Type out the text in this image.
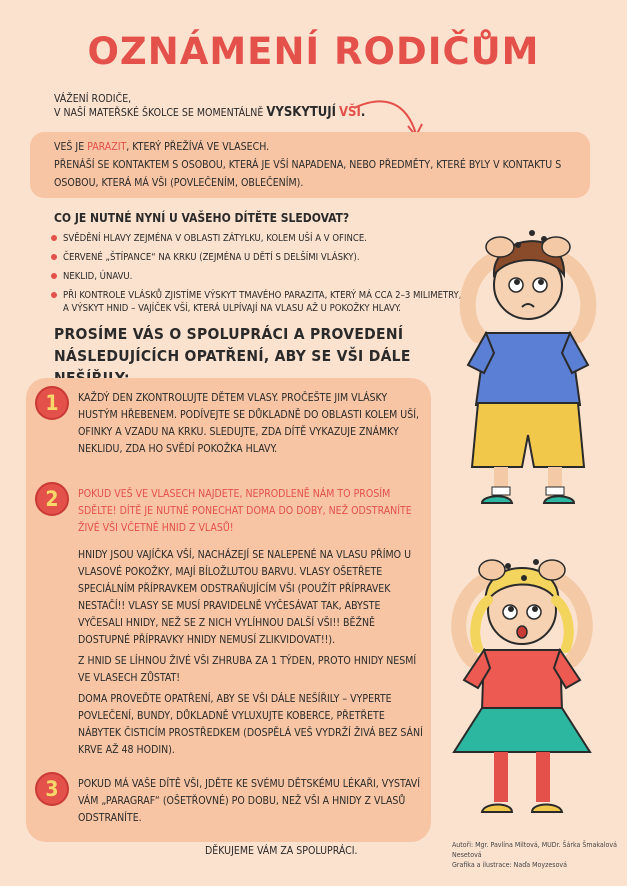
OZNÁMENÍ RODIČŮM
VÁŽENÍ RODIČE,
V NAŠÍ MATEŘSKÉ ŠKOLCE SE MOMENTÁLNĚ VYSKYTUJÍ VŠI.
VEŠ JE PARAZIT, KTERÝ PŘEŽÍVÁ VE VLASECH.
PŘENÁŠÍ SE KONTAKTEM S OSOBOU, KTERÁ JE VŠÍ NAPADENA, NEBO PŘEDMĚTY, KTERÉ BYLY V KONTAKTU S OSOBOU, KTERÁ MÁ VŠI (POVLEČENÍM, OBLEČENÍM).
CO JE NUTNÉ NYNÍ U VAŠEHO DÍTĚTE SLEDOVAT?
SVĚDĚNÍ HLAVY ZEJMÉNA V OBLASTI ZÁTYLKU, KOLEM UŠÍ A V OFINCE.
ČERVENÉ „ŠTÍPANCE“ NA KRKU (ZEJMÉNA U DĚTÍ S DELŠÍMI VLÁSKY).
NEKLID, ÚNAVU.
PŘI KONTROLE VLÁSKŮ ZJISTÍME VÝSKYT TMAVÉHO PARAZITA, KTERÝ MÁ CCA 2–3 MILIMETRY, A VÝSKYT HNID – VAJÍČEK VŠÍ, KTERÁ ULPÍVAJÍ NA VLASU AŽ U POKOŽKY HLAVY.
PROSÍME VÁS O SPOLUPRÁCI A PROVEDENÍ NÁSLEDUJÍCÍCH OPATŘENÍ, ABY SE VŠI DÁLE
1
2
3
KAŽDÝ DEN ZKONTROLUJTE DĚTEM VLASY. PROČEŠTE JIM VLÁSKY HUSTÝM HŘEBENEM. PODÍVEJTE SE DŮKLADNĚ DO OBLASTI KOLEM UŠÍ, OFINKY A VZADU NA KRKU. SLEDUJTE, ZDA DÍTĚ VYKAZUJE ZNÁMKY NEKLIDU, ZDA HO SVĚDÍ POKOŽKA HLAVY.
POKUD VEŠ VE VLASECH NAJDETE, NEPRODLENĚ NÁM TO PROSÍM SDĚLTE! DÍTĚ JE NUTNÉ PONECHAT DOMA DO DOBY, NEŽ ODSTRANÍTE ŽIVÉ VŠI VČETNĚ HNID Z VLASŮ!
HNIDY JSOU VAJÍČKA VŠÍ, NACHÁZEJÍ SE NALEPENÉ NA VLASU PŘÍMO U VLASOVÉ POKOŽKY, MAJÍ BÍLOŽLUTOU BARVU. VLASY OŠETŘETE SPECIÁLNÍM PŘÍPRAVKEM ODSTRAŇUJÍCÍM VŠI (POUŽÍT PŘÍPRAVEK NESTAČÍ!! VLASY SE MUSÍ PRAVIDELNĚ VYČESÁVAT TAK, ABYSTE VYČESALI HNIDY, NEŽ SE Z NICH VYLÍHNOU DALŠÍ VŠI!! BĚŽNĚ DOSTUPNÉ PŘÍPRAVKY HNIDY NEMUSÍ ZLIKVIDOVAT!!).
Z HNID SE LÍHNOU ŽIVÉ VŠI ZHRUBA ZA 1 TÝDEN, PROTO HNIDY NESMÍ VE VLASECH ZŮSTAT!
DOMA PROVEĎTE OPATŘENÍ, ABY SE VŠI DÁLE NEŠÍŘILY – VYPERTE POVLEČENÍ, BUNDY, DŮKLADNĚ VYLUXUJTE KOBERCE, PŘETŘETE NÁBYTEK ČISTICÍM PROSTŘEDKEM (DOSPĚLÁ VEŠ VYDRŽÍ ŽIVÁ BEZ SÁNÍ KRVE AŽ 48 HODIN).
POKUD MÁ VAŠE DÍTĚ VŠI, JDĚTE KE SVÉMU DĚTSKÉMU LÉKAŘI, VYSTAVÍ VÁM „PARAGRAF“ (OŠETŘOVNÉ) PO DOBU, NEŽ VŠI A HNIDY Z VLASŮ ODSTRANÍTE.
DĚKUJEME VÁM ZA SPOLUPRÁCI.	Autoři: Mgr. Pavlína Miltová, MUDr. Šárka Šmakalová Nesetová
Grafika a ilustrace: Naďa Moyzesová
